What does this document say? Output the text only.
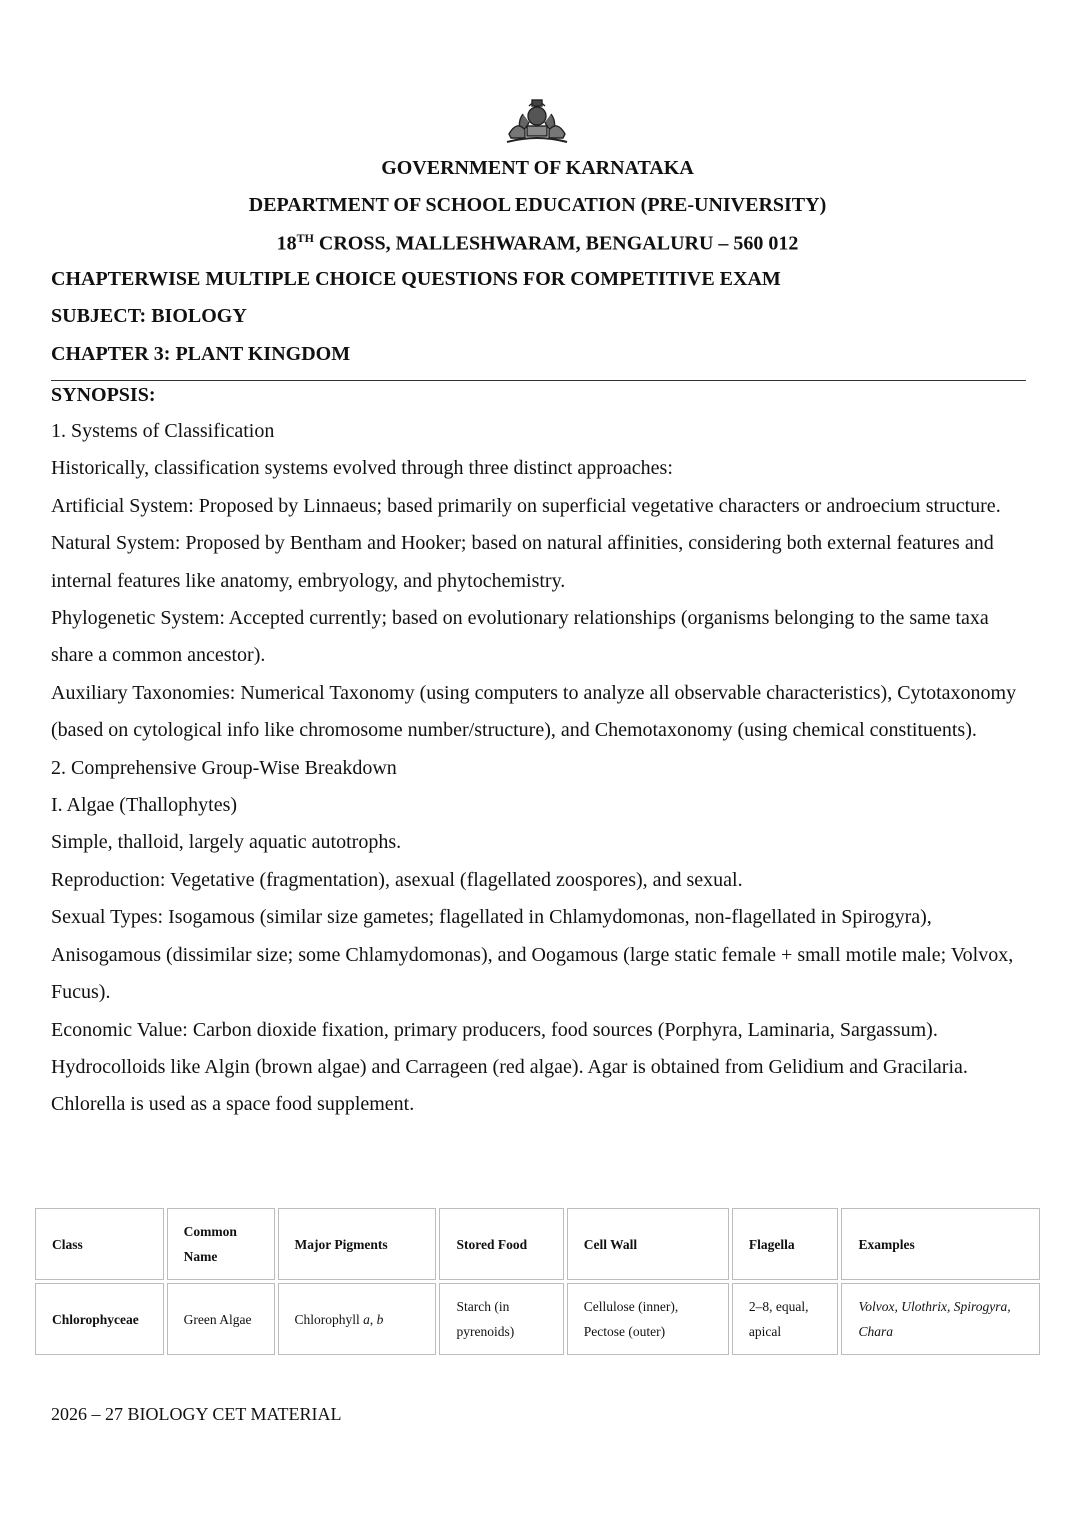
GOVERNMENT OF KARNATAKA
DEPARTMENT OF SCHOOL EDUCATION (PRE-UNIVERSITY)
18TH CROSS, MALLESHWARAM, BENGALURU – 560 012
CHAPTERWISE MULTIPLE CHOICE QUESTIONS FOR COMPETITIVE EXAM
SUBJECT: BIOLOGY
CHAPTER 3: PLANT KINGDOM
SYNOPSIS:

1. Systems of Classification

Historically, classification systems evolved through three distinct approaches:

Artificial System: Proposed by Linnaeus; based primarily on superficial vegetative characters or androecium structure.

Natural System: Proposed by Bentham and Hooker; based on natural affinities, considering both external features and internal features like anatomy, embryology, and phytochemistry.

Phylogenetic System: Accepted currently; based on evolutionary relationships (organisms belonging to the same taxa share a common ancestor).

Auxiliary Taxonomies: Numerical Taxonomy (using computers to analyze all observable characteristics), Cytotaxonomy (based on cytological info like chromosome number/structure), and Chemotaxonomy (using chemical constituents).

2. Comprehensive Group-Wise Breakdown

I. Algae (Thallophytes)

Simple, thalloid, largely aquatic autotrophs.

Reproduction: Vegetative (fragmentation), asexual (flagellated zoospores), and sexual.

Sexual Types: Isogamous (similar size gametes; flagellated in Chlamydomonas, non-flagellated in Spirogyra), Anisogamous (dissimilar size; some Chlamydomonas), and Oogamous (large static female + small motile male; Volvox, Fucus).

Economic Value: Carbon dioxide fixation, primary producers, food sources (Porphyra, Laminaria, Sargassum). Hydrocolloids like Algin (brown algae) and Carrageen (red algae). Agar is obtained from Gelidium and Gracilaria. Chlorella is used as a space food supplement.

Class	Common Name	Major Pigments	Stored Food	Cell Wall	Flagella	Examples
Chlorophyceae	Green Algae	Chlorophyll a, b	Starch (in pyrenoids)	Cellulose (inner), Pectose (outer)	2–8, equal, apical	Volvox, Ulothrix, Spirogyra, Chara
2026 – 27 BIOLOGY CET MATERIAL
